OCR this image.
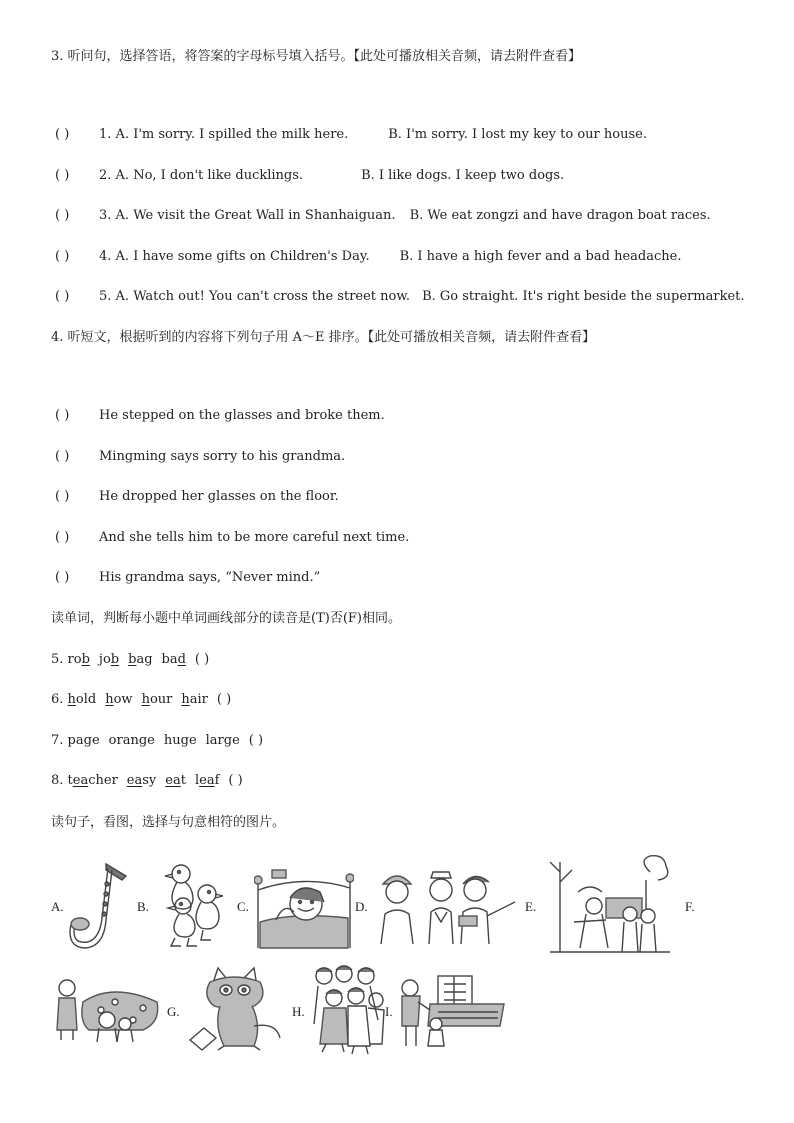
3. 听问句，选择答语，将答案的字母标号填入括号。【此处可播放相关音频，请去附件查看】
( ) 1. A. I'm sorry. I spilled the milk here.	B. I'm sorry. I lost my key to our house.
( ) 2. A. No, I don't like ducklings.	B. I like dogs. I keep two dogs.
( ) 3. A. We visit the Great Wall in Shanhaiguan. B. We eat zongzi and have dragon boat races.
( ) 4. A. I have some gifts on Children's Day. B. I have a high fever and a bad headache.
( ) 5. A. Watch out! You can't cross the street now. B. Go straight. It's right beside the supermarket.
4. 听短文，根据听到的内容将下列句子用 A～E 排序。【此处可播放相关音频，请去附件查看】
( ) He stepped on the glasses and broke them.
( ) Mingming says sorry to his grandma.
( ) He dropped her glasses on the floor.
( ) And she tells him to be more careful next time.
( ) His grandma says, “Never mind.”
读单词，判断每小题中单词画线部分的读音是(T)否(F)相同。
5. rob job bag bad ( )
6. hold how hour hair ( )
7. page orange huge large ( )
8. teacher easy eat leaf ( )
读句子，看图，选择与句意相符的图片。
A.	B.	C.	D.	E.	F.
G.	H.	I.
